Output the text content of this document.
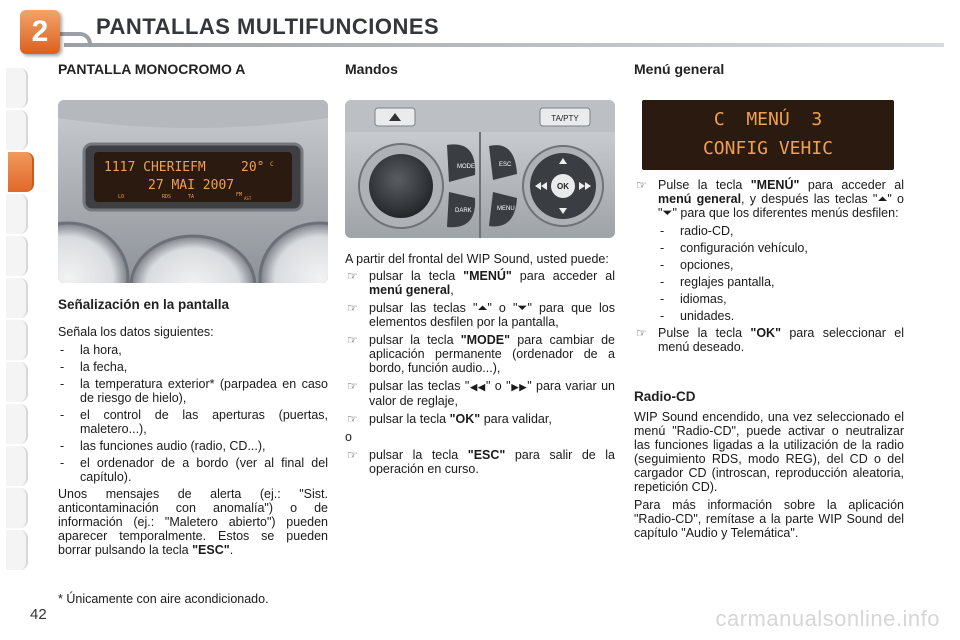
2	PANTALLAS MULTIFUNCIONES
PANTALLA MONOCROMO A
1117 CHERIEFM	20° C
27 MAI 2007
LO	RDS	TA	FM
AST
Señalización en la pantalla

Señala los datos siguientes:

- la hora,
- la fecha,
- la temperatura exterior* (parpadea en caso de riesgo de hielo),
- el control de las aperturas (puertas, maletero...),
- las funciones audio (radio, CD...),
- el ordenador de a bordo (ver al final del capítulo).

Unos mensajes de alerta (ej.: "Sist. anticontaminación con anomalía") o de información (ej.: "Maletero abierto") pueden aparecer temporalmente. Estos se pueden borrar pulsando la tecla "ESC".

Mandos
TA/PTY
MODE
DARK
ESC
MENU
OK

A partir del frontal del WIP Sound, usted puede:

☞ pulsar la tecla "MENÚ" para acceder al menú general,
☞ pulsar las teclas "⏶" o "⏷" para que los elementos desfilen por la pantalla,
☞ pulsar la tecla "MODE" para cambiar de aplicación permanente (ordenador de a bordo, función audio...),
☞ pulsar las teclas "◀◀" o "▶▶" para variar un valor de reglaje,
☞ pulsar la tecla "OK" para validar,

o

☞ pulsar la tecla "ESC" para salir de la operación en curso.
Menú general
C  MENÚ  3
CONFIG VEHIC
☞ Pulse la tecla "MENÚ" para acceder al menú general, y después las teclas "⏶" o "⏷" para que los diferentes menús desfilen:
- radio-CD,
- configuración vehículo,
- opciones,
- reglajes pantalla,
- idiomas,
- unidades.
☞ Pulse la tecla "OK" para seleccionar el menú deseado.
Radio-CD

WIP Sound encendido, una vez seleccionado el menú "Radio-CD", puede activar o neutralizar las funciones ligadas a la utilización de la radio (seguimiento RDS, modo REG), del CD o del cargador CD (introscan, reproducción aleatoria, repetición CD).

Para más información sobre la aplicación "Radio-CD", remítase a la parte WIP Sound del capítulo "Audio y Telemática".

* Únicamente con aire acondicionado.
42	carmanualsonline.info
